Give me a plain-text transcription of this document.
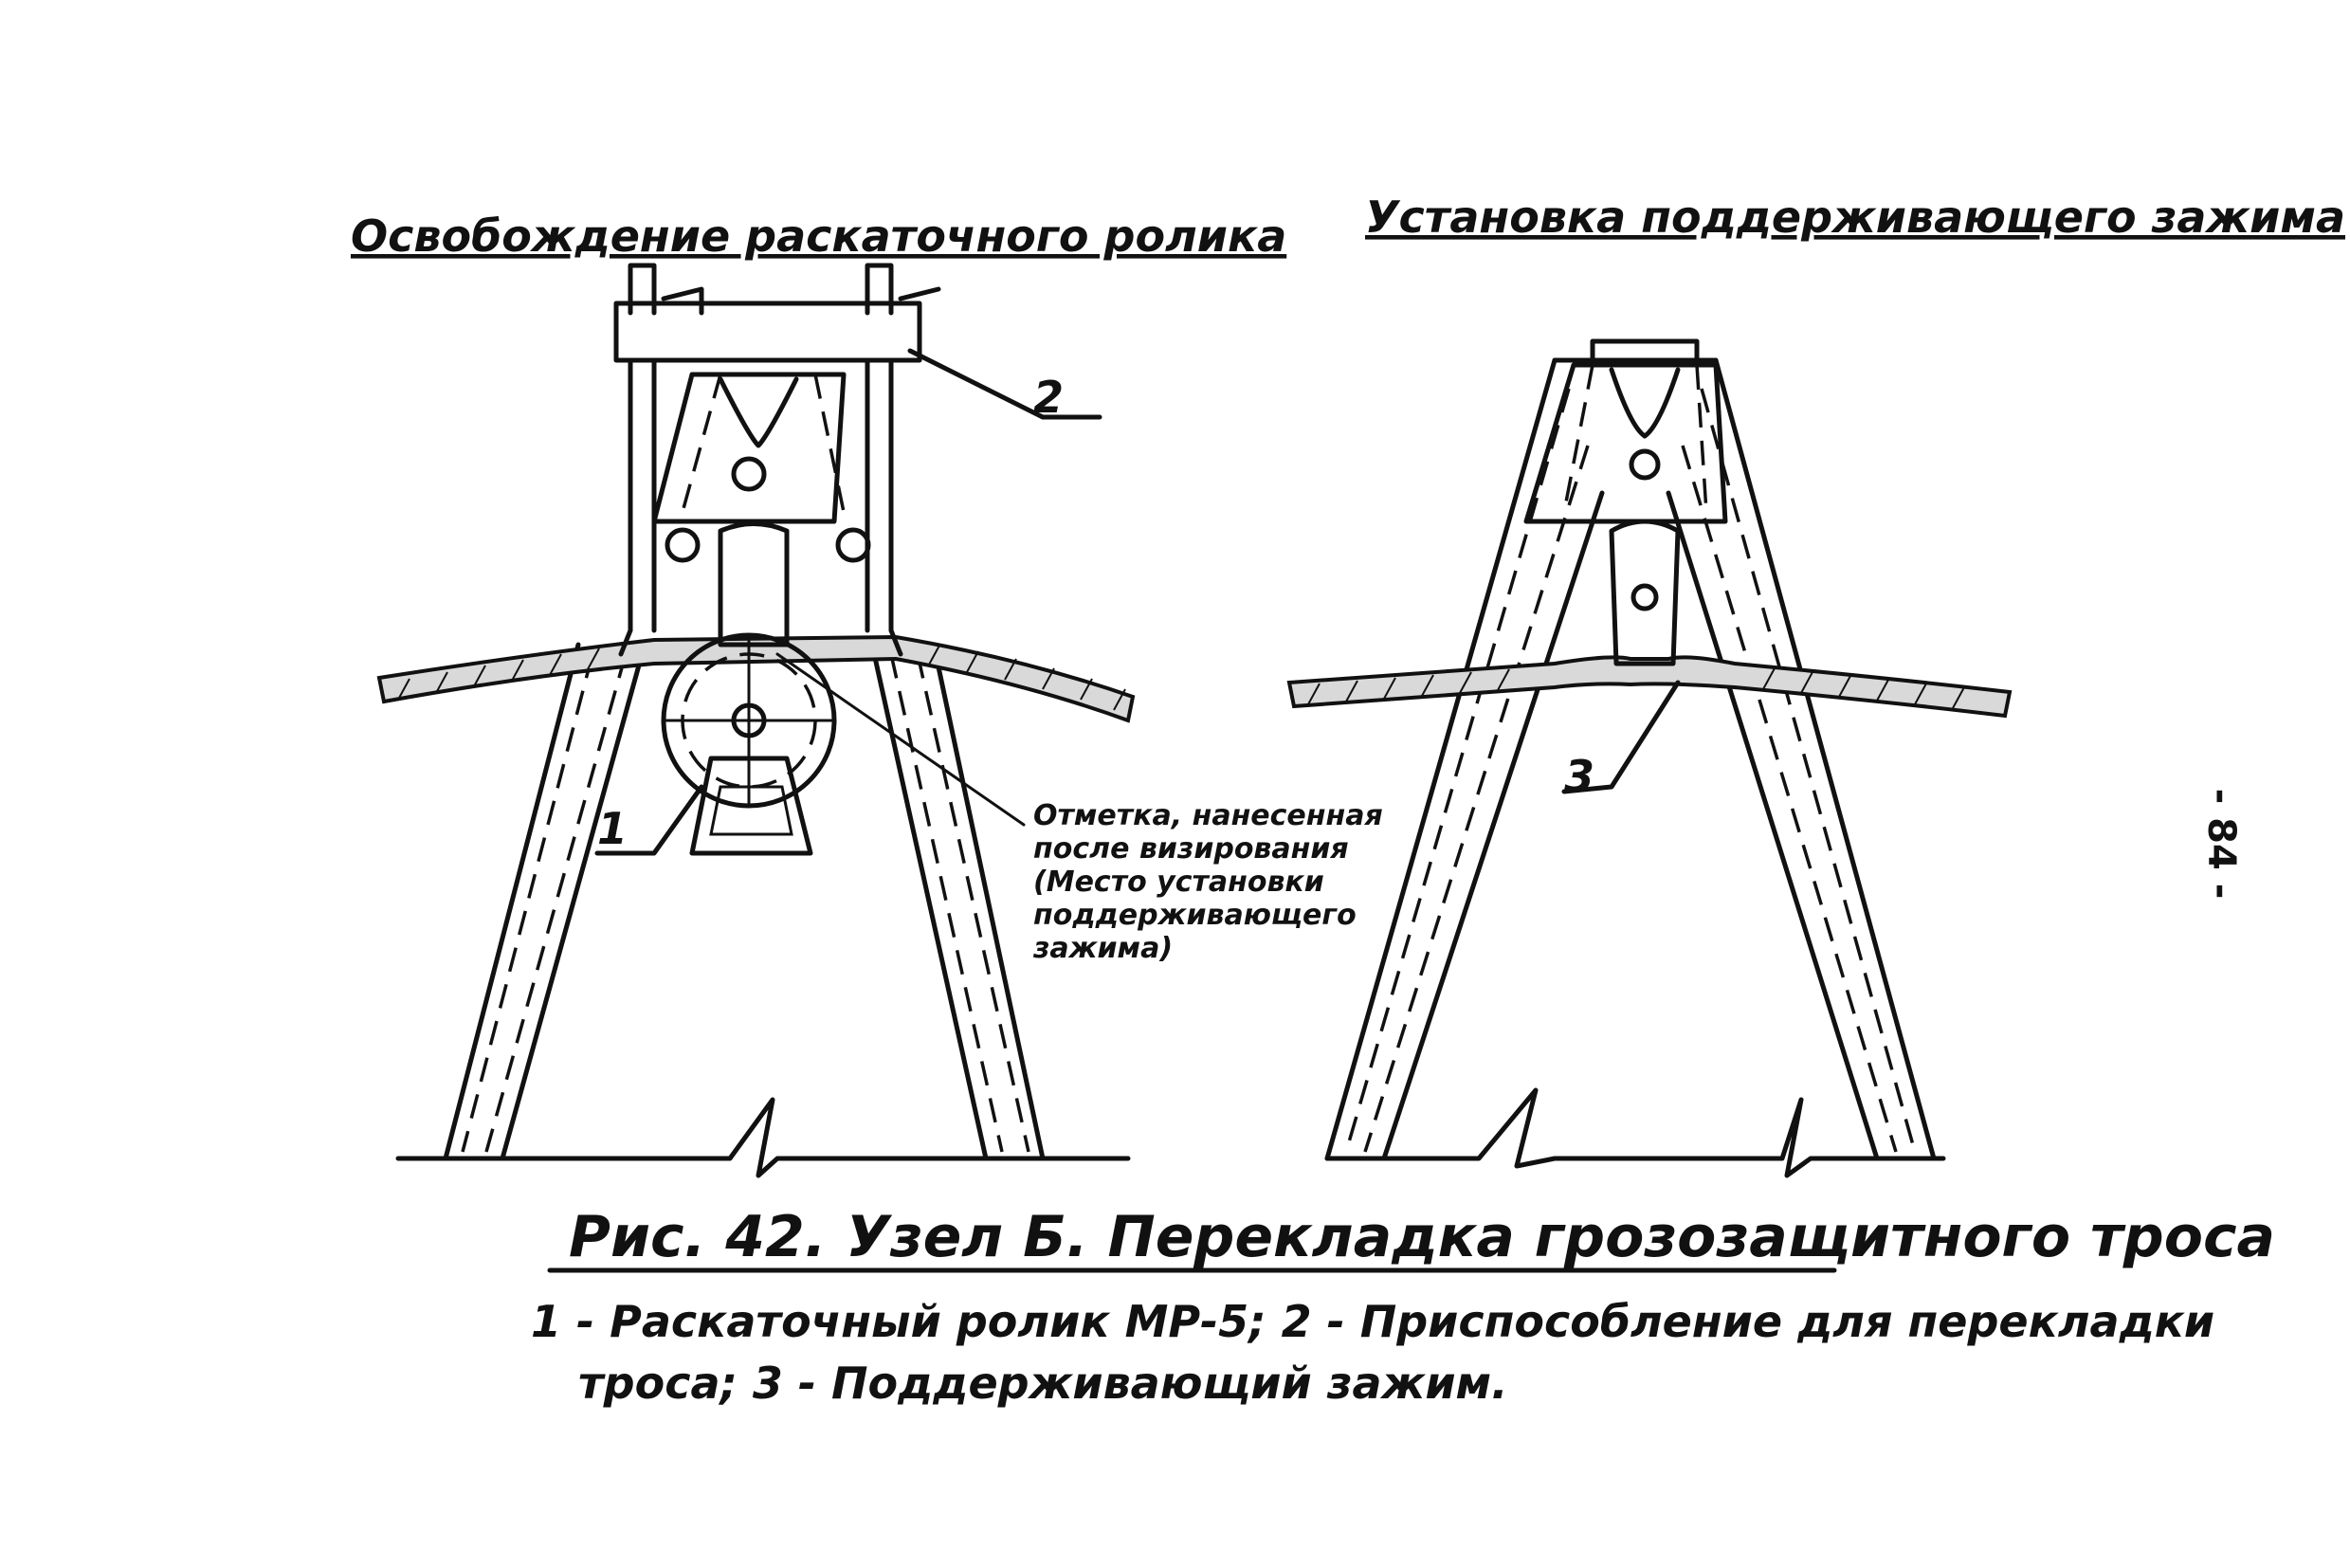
Освобождение раскаточного ролика
2
1	Отметка, нанесенная
после визирования
(Место установки
поддерживающего
зажима)
Установка поддерживающего зажима
3
Рис. 42. Узел Б. Перекладка грозозащитного троса
1 - Раскаточный ролик МР-5; 2 - Приспособление для перекладки
троса; 3 - Поддерживающий зажим.
- 84 -
